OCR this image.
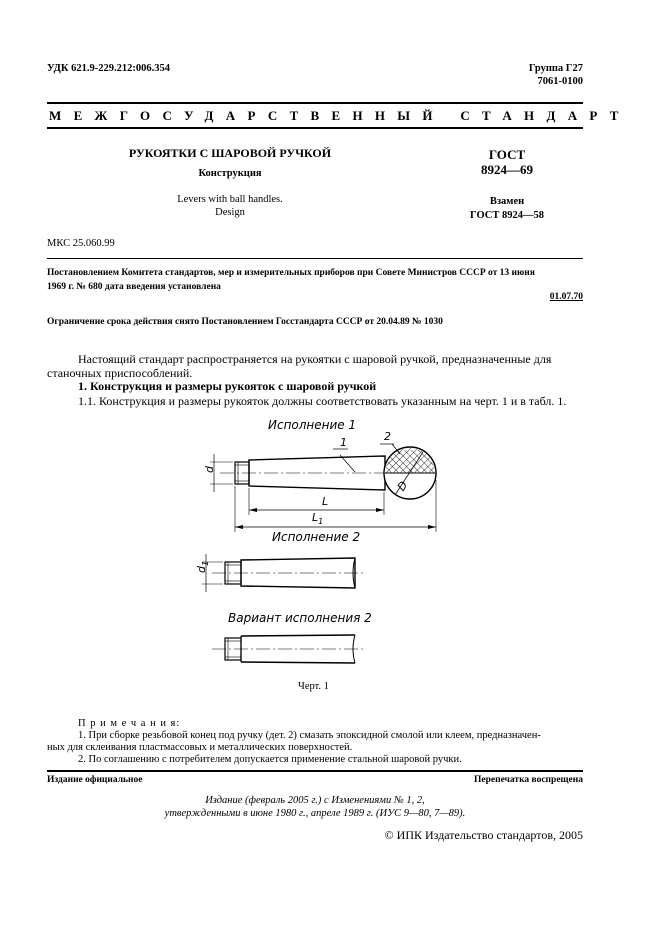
УДК 621.9-229.212:006.354	Группа Г27
7061-0100
МЕЖГОСУДАРСТВЕННЫЙ СТАНДАРТ
РУКОЯТКИ С ШАРОВОЙ РУЧКОЙ
Конструкция
Levers with ball handles.
Design
ГОСТ
8924—69
Взамен
ГОСТ 8924—58
МКС 25.060.99
Постановлением Комитета стандартов, мер и измерительных приборов при Совете Министров СССР от 13 июня
1969 г. № 680 дата введения установлена
01.07.70
Ограничение срока действия снято Постановлением Госстандарта СССР от 20.04.89 № 1030
Настоящий стандарт распространяется на рукоятки с шаровой ручкой, предназначенные для
станочных приспособлений.
1. Конструкция и размеры рукояток с шаровой ручкой
1.1. Конструкция и размеры рукояток должны соответствовать указанным на черт. 1 и в табл. 1.
Исполнение 1
D
1	2
d
L
$L_1$
Исполнение 2
$d_1$
Вариант исполнения 2
Черт. 1
П р и м е ч а н и я:
1. При сборке резьбовой конец под ручку (дет. 2) смазать эпоксидной смолой или клеем, предназначен-
ных для склеивания пластмассовых и металлических поверхностей.
2. По соглашению с потребителем допускается применение стальной шаровой ручки.
Издание официальное	Перепечатка воспрещена
Издание (февраль 2005 г.) с Изменениями № 1, 2,
утвержденными в июне 1980 г., апреле 1989 г. (ИУС 9—80, 7—89).
© ИПК Издательство стандартов, 2005
